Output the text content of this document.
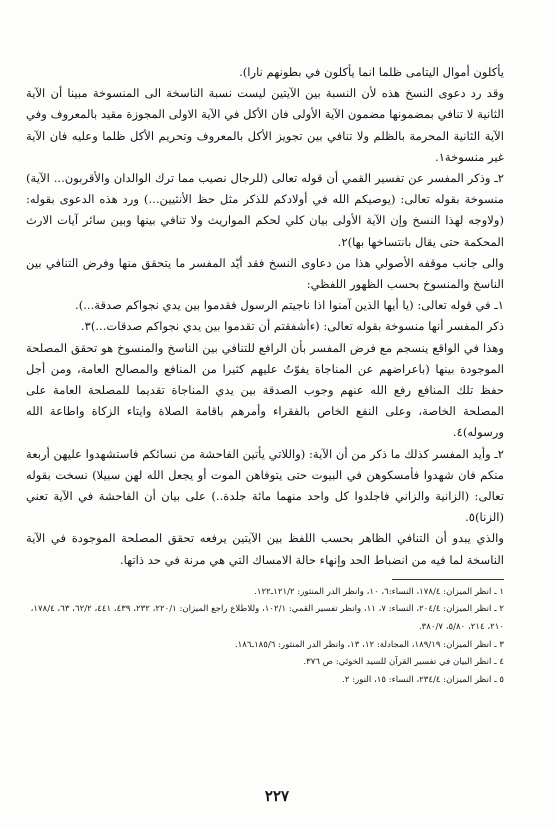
يأكلون أموال اليتامى ظلما انما يأكلون في بطونهم نارا).

وقد رد دعوى النسخ هذه لأن النسبة بين الآيتين ليست نسبة الناسخة الى المنسوخة مبينا أن الآية الثانية لا تنافي بمضمونها مضمون الآية الأولى فان الأكل في الآية الاولى المجوزة مقيد بالمعروف وفي الآية الثانية المحرمة بالظلم ولا تنافي بين تجويز الأكل بالمعروف وتحريم الأكل ظلما وعليه فان الآية غير منسوخة١.

٢ـ وذكر المفسر عن تفسير القمي أن قوله تعالى (للرجال نصيب مما ترك الوالدان والأقربون... الآية) منسوخة بقوله تعالى: (يوصيكم الله في أولادكم للذكر مثل حظ الأنثيين...) ورد هذه الدعوى بقوله: (ولاوجه لهذا النسخ وإن الآية الأولى بيان كلي لحكم المواريث ولا تنافي بينها وبين سائر آيات الارث المحكمة حتى يقال بانتساخها بها)٢.

والى جانب موقفه الأصولي هذا من دعاوى النسخ فقد أيّد المفسر ما يتحقق منها وفرض التنافي بين الناسخ والمنسوخ بحسب الظهور اللفظي:

١ـ في قوله تعالى: (يا أيها الذين آمنوا اذا ناجيتم الرسول فقدموا بين يدي نجواكم صدقة...).

ذكر المفسر أنها منسوخة بقوله تعالى: (ءأشفقتم أن تقدموا بين يدي نجواكم صدقات...)٣.

وهذا في الواقع ينسجم مع فرض المفسر بأن الرافع للتنافي بين الناسخ والمنسوخ هو تحقق المصلحة الموجودة بينها (باعراضهم عن المناجاة يفوّتُ عليهم كثيرا من المنافع والمصالح العامة، ومن أجل حفظ تلك المنافع رفع الله عنهم وجوب الصدقة بين يدي المناجاة تقديما للمصلحة العامة على المصلحة الخاصة، وعلى النفع الخاص بالفقراء وأمرهم باقامة الصلاة وايتاء الزكاة واطاعة الله ورسوله)٤.

٢ـ وأيد المفسر كذلك ما ذكر من أن الآية: (واللاتي يأتين الفاحشة من نسائكم فاستشهدوا عليهن أربعة منكم فان شهدوا فأمسكوهن في البيوت حتى يتوفاهن الموت أو يجعل الله لهن سبيلا) نسخت بقوله تعالى: (الزانية والزاني فاجلدوا كل واحد منهما مائة جلدة..) على بيان أن الفاحشة في الآية تعني (الزنا)٥.

والذي يبدو أن التنافي الظاهر بحسب اللفظ بين الآيتين يرفعه تحقق المصلحة الموجودة في الآية الناسخة لما فيه من انضباط الحد وإنهاء حالة الامساك التي هي مرنة في حد ذاتها.

١ ـ انظر الميزان: ١٧٨/٤، النساء:٦، ١٠، وانظر الدر المنثور: ١٢١/٢ـ١٢٢.
٢ ـ انظر الميزان: ٢٠٤/٤، النساء: ٧، ١١، وانظر تفسير القمي: ١٠٢/١، وللاطلاع راجع الميزان: ٢٢٠/١، ٢٣٢، ٤٣٩، ٤٤١، ٦٢/٢، ٦٣، ١٧٨/٤، ٢١٠، ٢١٤، ٥/٨٠، ٣٨٠/٧.
٣ ـ انظر الميزان: ١٨٩/١٩، المجادلة: ١٢، ١٣، وانظر الدر المنثور: ١٨٥/٦ـ١٨٦.
٤ ـ انظر البيان في تفسير القرآن للسيد الخوئي: ص ٣٧٦.
٥ ـ انظر الميزان: ٢٣٤/٤، النساء: ١٥، النور: ٢.
٢٢٧
